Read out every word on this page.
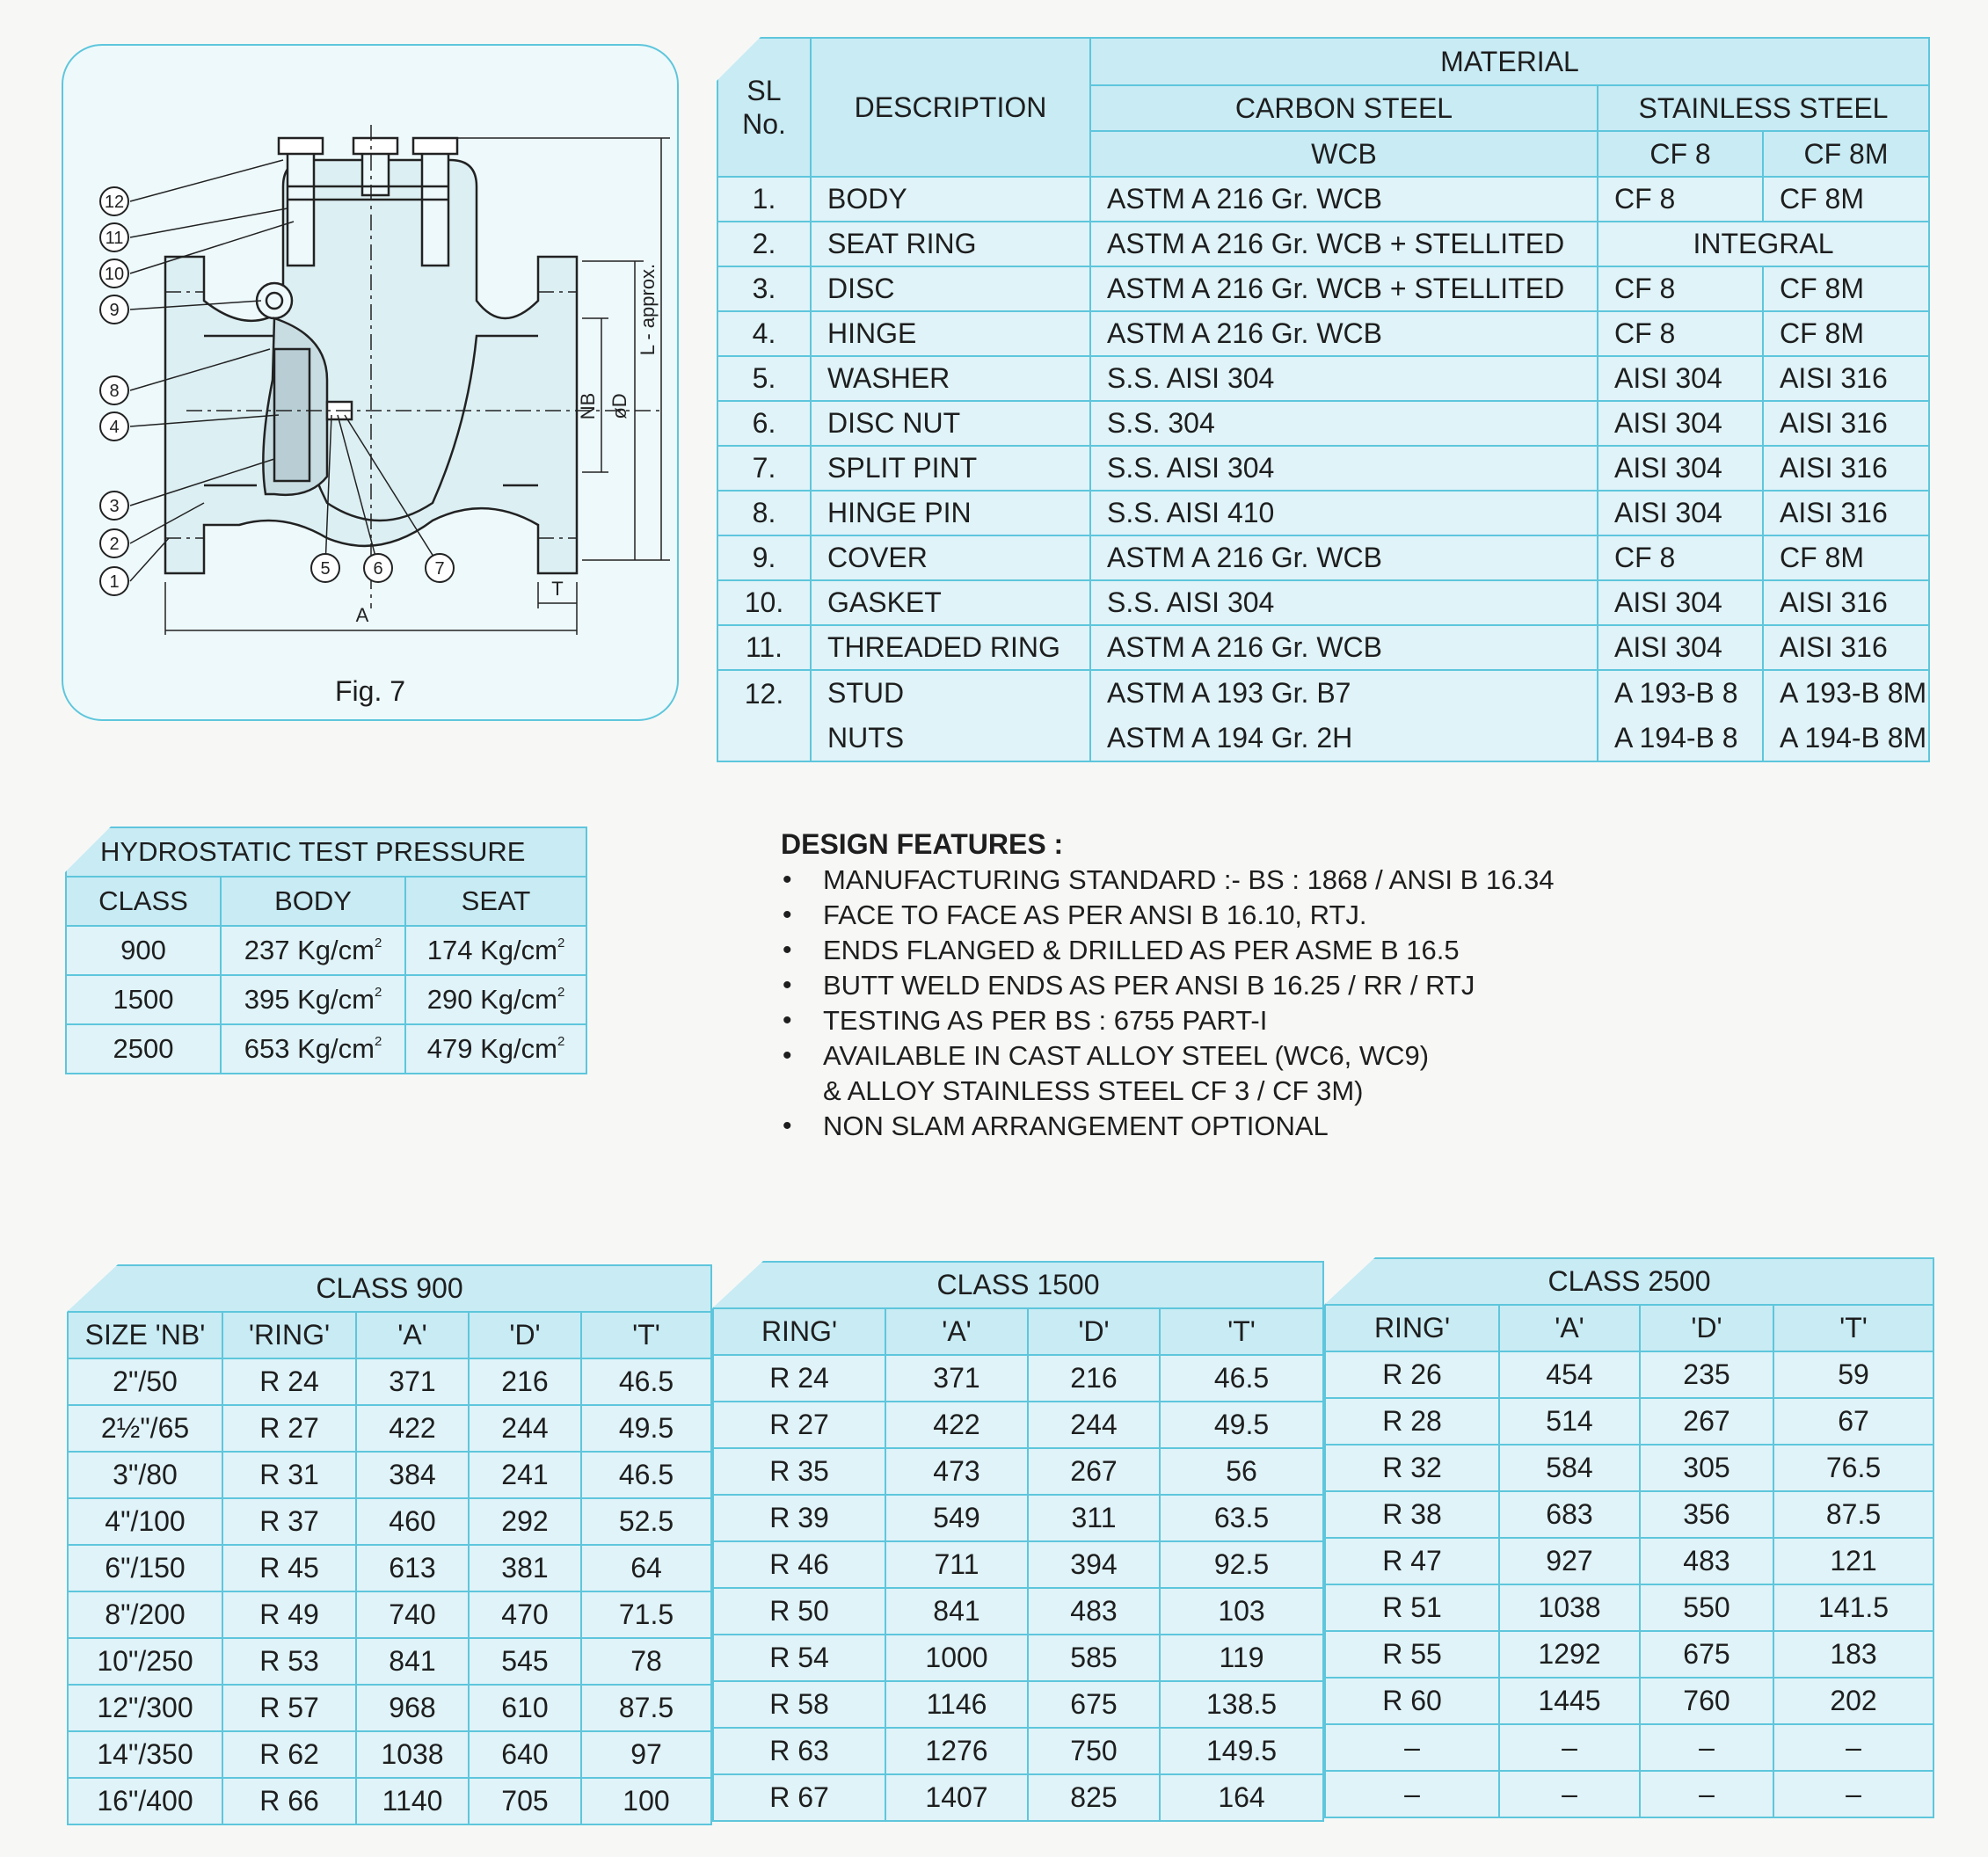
L - approx.
NB øD
A
T
12
11
10
9
8
4
3
2
1
5 6	7
Fig. 7
SL No.	DESCRIPTION	MATERIAL		
		CARBON STEEL	STAINLESS STEEL	
		WCB	CF 8	CF 8M
1.	BODY	ASTM A 216 Gr. WCB	CF 8	CF 8M
2.	SEAT RING	ASTM A 216 Gr. WCB + STELLITED	INTEGRAL	
3.	DISC	ASTM A 216 Gr. WCB + STELLITED	CF 8	CF 8M
4.	HINGE	ASTM A 216 Gr. WCB	CF 8	CF 8M
5.	WASHER	S.S. AISI 304	AISI 304	AISI 316
6.	DISC NUT	S.S. 304	AISI 304	AISI 316
7.	SPLIT PINT	S.S. AISI 304	AISI 304	AISI 316
8.	HINGE PIN	S.S. AISI 410	AISI 304	AISI 316
9.	COVER	ASTM A 216 Gr. WCB	CF 8	CF 8M
10.	GASKET	S.S. AISI 304	AISI 304	AISI 316
11.	THREADED RING	ASTM A 216 Gr. WCB	AISI 304	AISI 316
12.	STUD	ASTM A 193 Gr. B7	A 193-B 8	A 193-B 8M
	NUTS	ASTM A 194 Gr. 2H	A 194-B 8	A 194-B 8M
HYDROSTATIC TEST PRESSURE		
CLASS	BODY	SEAT
900	237 $Kg/cm^2$	174 $Kg/cm^2$
1500	395 $Kg/cm^2$	290 $Kg/cm^2$
2500	653 $Kg/cm^2$	479 $Kg/cm^2$
DESIGN FEATURES :
• MANUFACTURING STANDARD :- BS : 1868 / ANSI B 16.34
• FACE TO FACE AS PER ANSI B 16.10, RTJ.
• ENDS FLANGED & DRILLED AS PER ASME B 16.5
• BUTT WELD ENDS AS PER ANSI B 16.25 / RR / RTJ
• TESTING AS PER BS : 6755 PART-I
• AVAILABLE IN CAST ALLOY STEEL (WC6, WC9)
& ALLOY STAINLESS STEEL CF 3 / CF 3M)
• NON SLAM ARRANGEMENT OPTIONAL
CLASS 900				
SIZE 'NB'	'RING'	'A'	'D'	'T'
2"/50	R 24	371	216	46.5
2½"/65	R 27	422	244	49.5
3"/80	R 31	384	241	46.5
4"/100	R 37	460	292	52.5
6"/150	R 45	613	381	64
8"/200	R 49	740	470	71.5
10"/250	R 53	841	545	78
12"/300	R 57	968	610	87.5
14"/350	R 62	1038	640	97
16"/400	R 66	1140	705	100
CLASS 1500			
RING'	'A'	'D'	'T'
R 24	371	216	46.5
R 27	422	244	49.5
R 35	473	267	56
R 39	549	311	63.5
R 46	711	394	92.5
R 50	841	483	103
R 54	1000	585	119
R 58	1146	675	138.5
R 63	1276	750	149.5
R 67	1407	825	164
CLASS 2500			
RING'	'A'	'D'	'T'
R 26	454	235	59
R 28	514	267	67
R 32	584	305	76.5
R 38	683	356	87.5
R 47	927	483	121
R 51	1038	550	141.5
R 55	1292	675	183
R 60	1445	760	202
–	–	–	–
–	–	–	–
